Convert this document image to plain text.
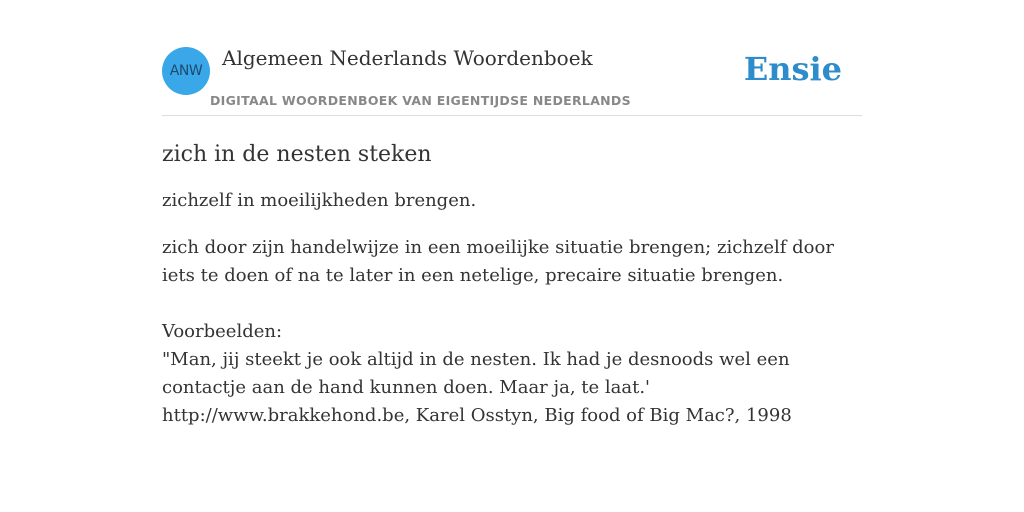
ANW
Algemeen Nederlands Woordenboek
DIGITAAL WOORDENBOEK VAN EIGENTIJDSE NEDERLANDS
Ensie
zich in de nesten steken

zichzelf in moeilijkheden brengen.

zich door zijn handelwijze in een moeilijke situatie brengen; zichzelf door iets te doen of na te later in een netelige, precaire situatie brengen.

Voorbeelden:
"Man, jij steekt je ook altijd in de nesten. Ik had je desnoods wel een contactje aan de hand kunnen doen. Maar ja, te laat.'
http://www.brakkehond.be, Karel Osstyn, Big food of Big Mac?, 1998
